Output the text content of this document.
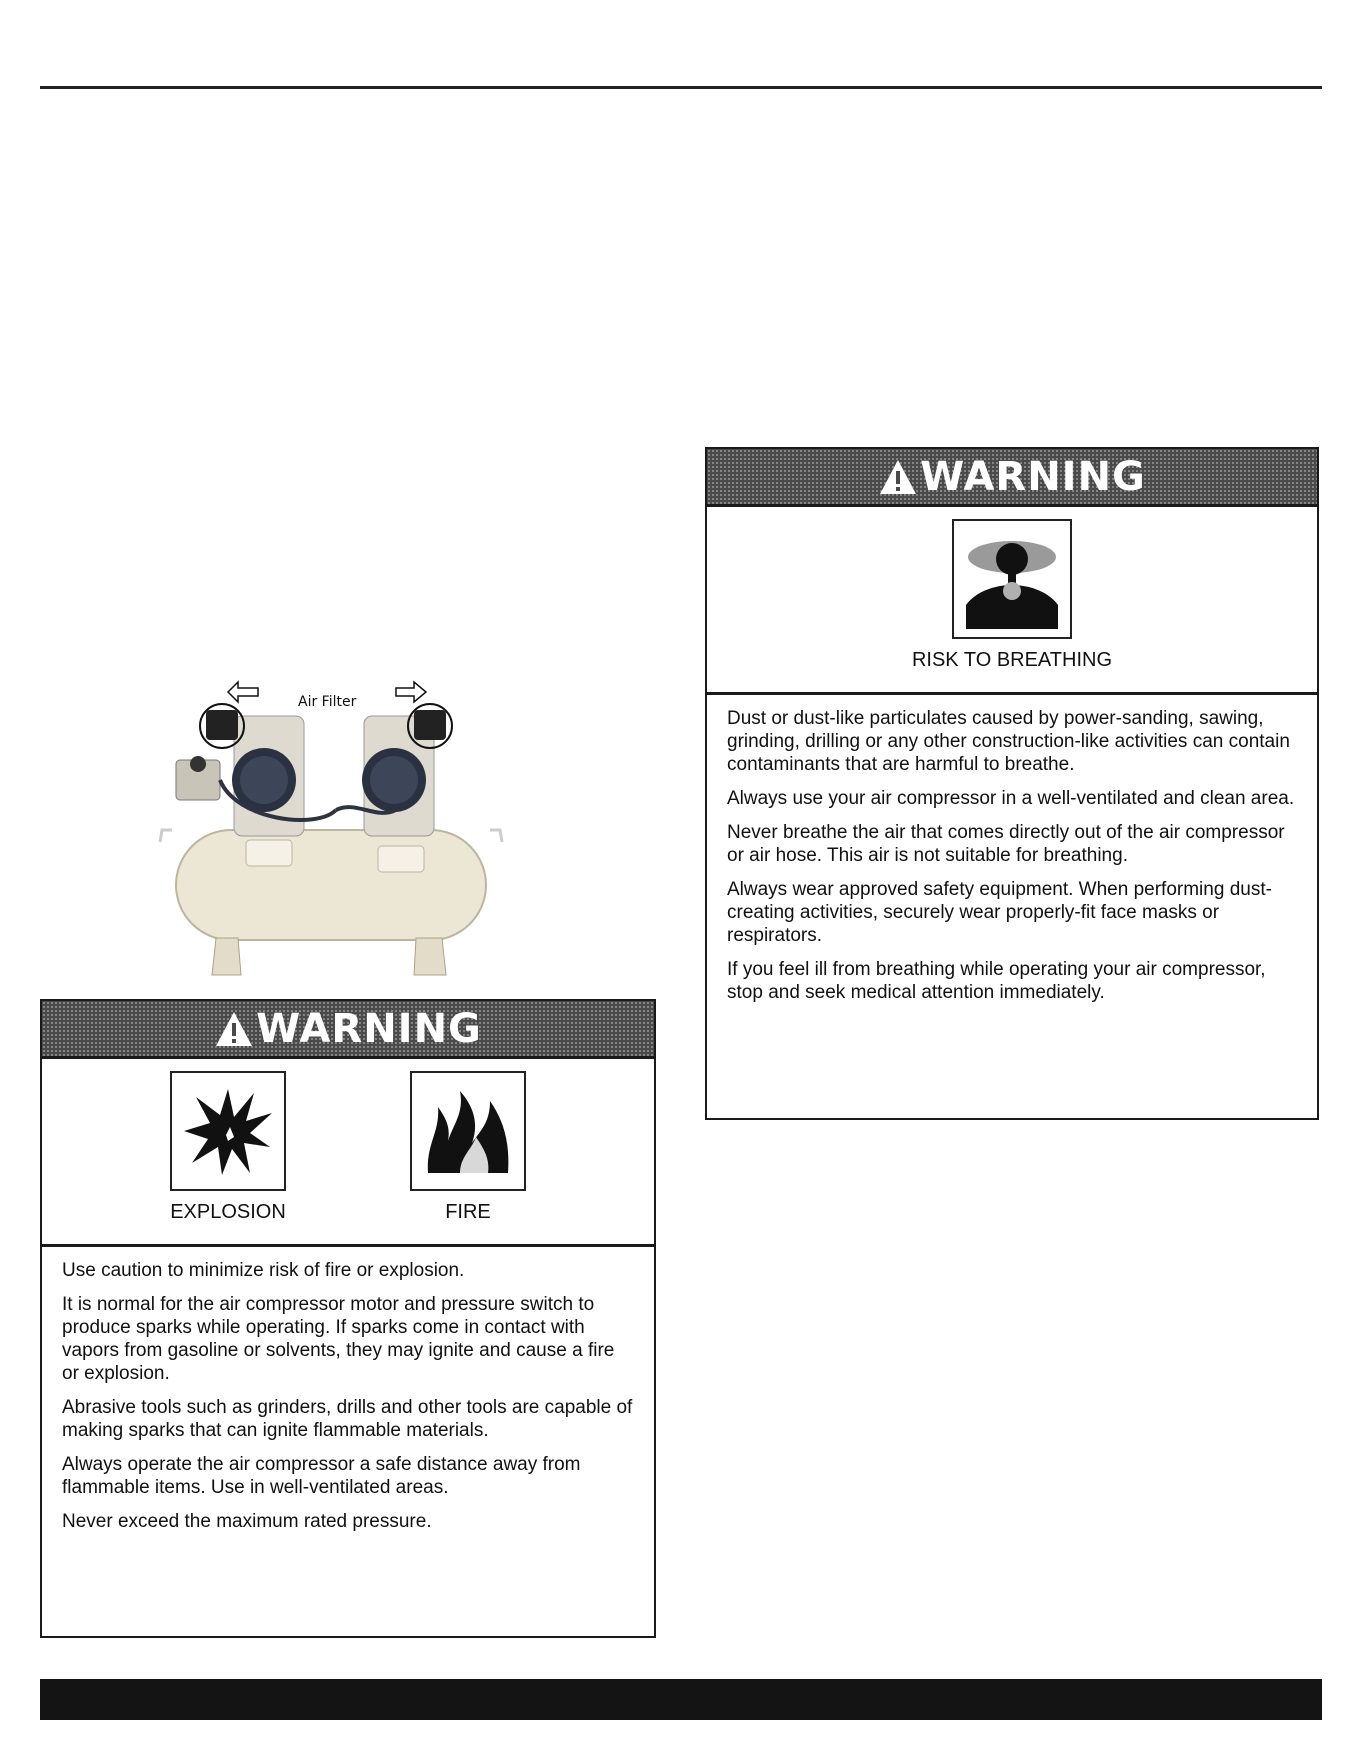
Air Filter
WARNING
EXPLOSION	FIRE

Use caution to minimize risk of fire or explosion.

It is normal for the air compressor motor and pressure switch to produce sparks while operating. If sparks come in contact with vapors from gasoline or solvents, they may ignite and cause a fire or explosion.

Abrasive tools such as grinders, drills and other tools are capable of making sparks that can ignite flammable materials.

Always operate the air compressor a safe distance away from flammable items. Use in well-ventilated areas.

Never exceed the maximum rated pressure.

WARNING
RISK TO BREATHING

Dust or dust-like particulates caused by power-sanding, sawing, grinding, drilling or any other construction-like activities can contain contaminants that are harmful to breathe.

Always use your air compressor in a well-ventilated and clean area.

Never breathe the air that comes directly out of the air compressor or air hose. This air is not suitable for breathing.

Always wear approved safety equipment. When performing dust-creating activities, securely wear properly-fit face masks or respirators.

If you feel ill from breathing while operating your air compressor, stop and seek medical attention immediately.
